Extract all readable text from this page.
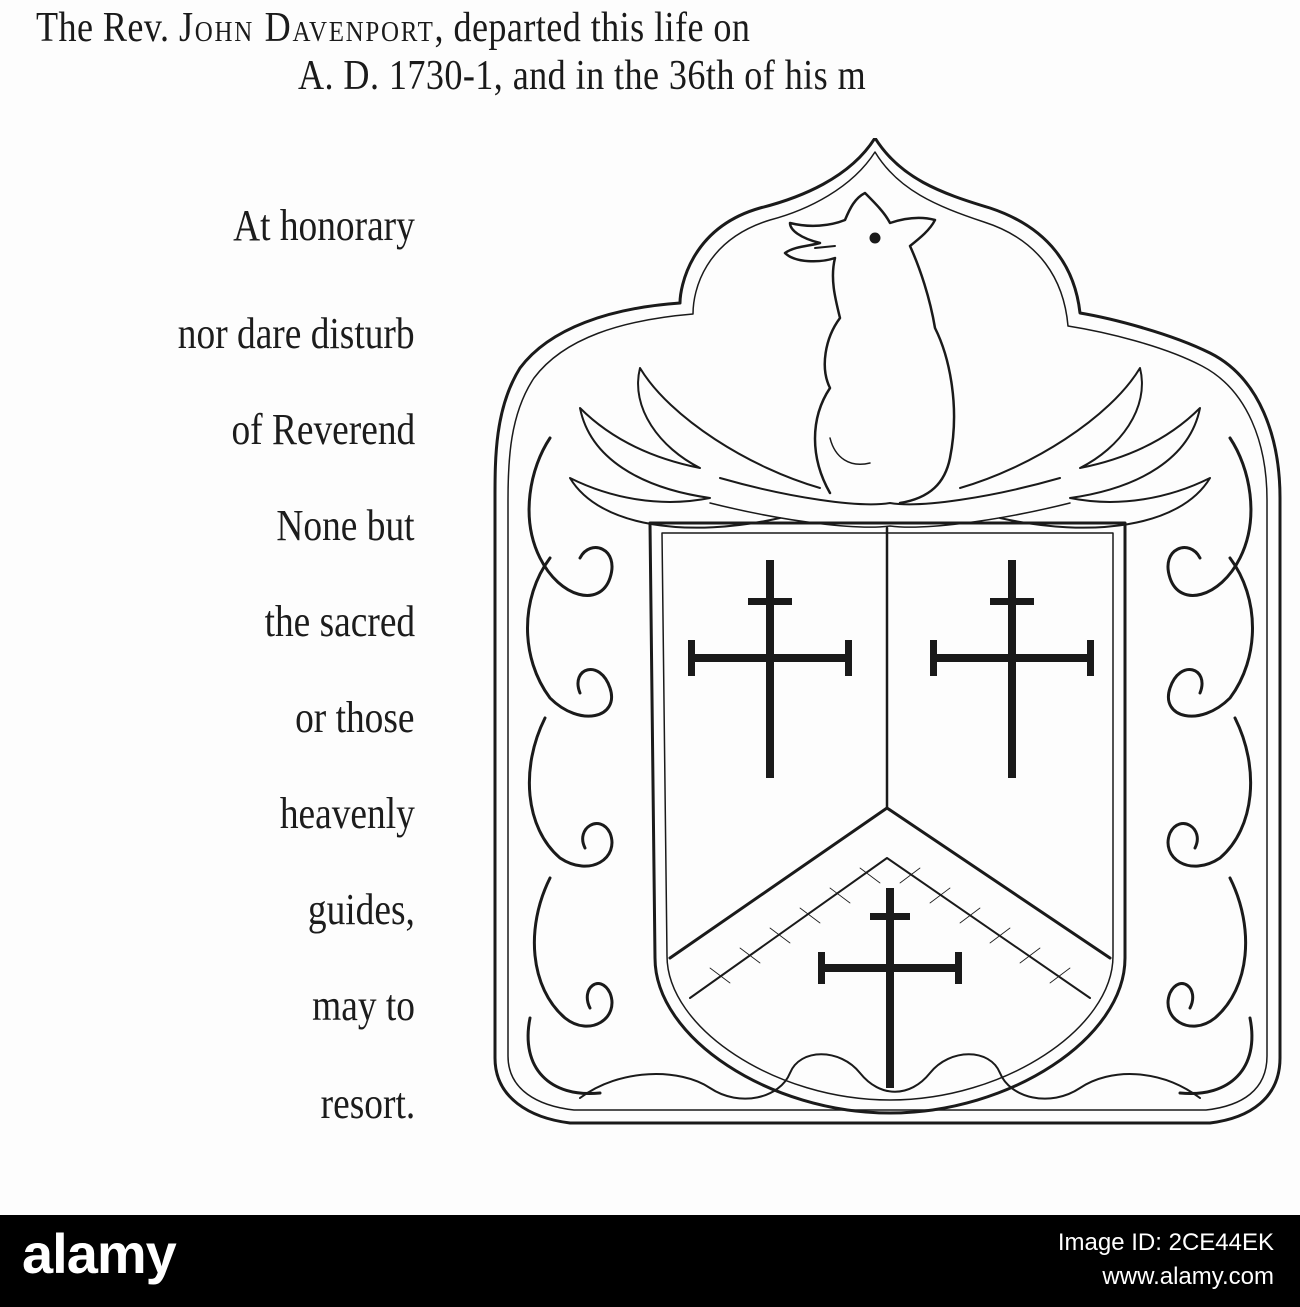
The Rev. John Davenport, departed this life on
A. D. 1730-1, and in the 36th of his m
At honorary
nor dare disturb
of Reverend
None but
the sacred
or those
heavenly
guides,
may to
resort.
alamy	Image ID: 2CE44EK
www.alamy.com
